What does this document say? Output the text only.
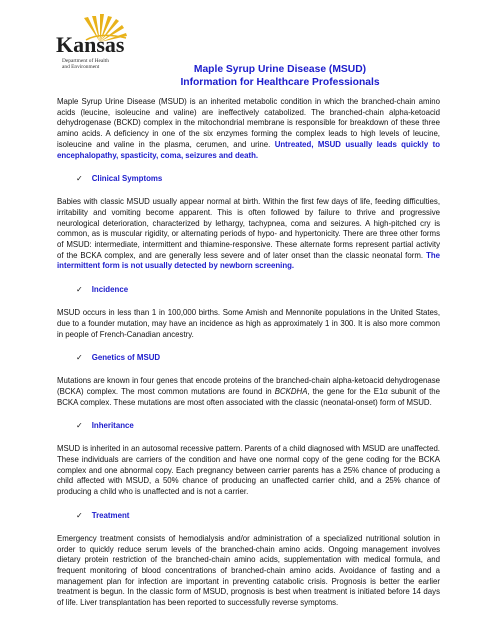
Kansas
Department of Health
and Environment	Maple Syrup Urine Disease (MSUD)
Information for Healthcare Professionals

Maple Syrup Urine Disease (MSUD) is an inherited metabolic condition in which the branched-chain amino acids (leucine, isoleucine and valine) are ineffectively catabolized. The branched-chain alpha-ketoacid dehydrogenase (BCKD) complex in the mitochondrial membrane is responsible for breakdown of these three amino acids. A deficiency in one of the six enzymes forming the complex leads to high levels of leucine, isoleucine and valine in the plasma, cerumen, and urine. Untreated, MSUD usually leads quickly to encephalopathy, spasticity, coma, seizures and death.

✓ Clinical Symptoms

Babies with classic MSUD usually appear normal at birth. Within the first few days of life, feeding difficulties, irritability and vomiting become apparent. This is often followed by failure to thrive and progressive neurological deterioration, characterized by lethargy, tachypnea, coma and seizures. A high-pitched cry is common, as is muscular rigidity, or alternating periods of hypo- and hypertonicity. There are three other forms of MSUD: intermediate, intermittent and thiamine-responsive. These alternate forms represent partial activity of the BCKA complex, and are generally less severe and of later onset than the classic neonatal form. The intermittent form is not usually detected by newborn screening.

✓ Incidence

MSUD occurs in less than 1 in 100,000 births. Some Amish and Mennonite populations in the United States, due to a founder mutation, may have an incidence as high as approximately 1 in 300. It is also more common in people of French-Canadian ancestry.

✓ Genetics of MSUD

Mutations are known in four genes that encode proteins of the branched-chain alpha-ketoacid dehydrogenase (BCKA) complex. The most common mutations are found in BCKDHA, the gene for the E1α subunit of the BCKA complex. These mutations are most often associated with the classic (neonatal-onset) form of MSUD.

✓ Inheritance

MSUD is inherited in an autosomal recessive pattern. Parents of a child diagnosed with MSUD are unaffected. These individuals are carriers of the condition and have one normal copy of the gene coding for the BCKA complex and one abnormal copy. Each pregnancy between carrier parents has a 25% chance of producing a child affected with MSUD, a 50% chance of producing an unaffected carrier child, and a 25% chance of producing a child who is unaffected and is not a carrier.

✓ Treatment

Emergency treatment consists of hemodialysis and/or administration of a specialized nutritional solution in order to quickly reduce serum levels of the branched-chain amino acids. Ongoing management involves dietary protein restriction of the branched-chain amino acids, supplementation with medical formula, and frequent monitoring of blood concentrations of branched-chain amino acids. Avoidance of fasting and a management plan for infection are important in preventing catabolic crisis. Prognosis is better the earlier treatment is begun. In the classic form of MSUD, prognosis is best when treatment is initiated before 14 days of life. Liver transplantation has been reported to successfully reverse symptoms.
